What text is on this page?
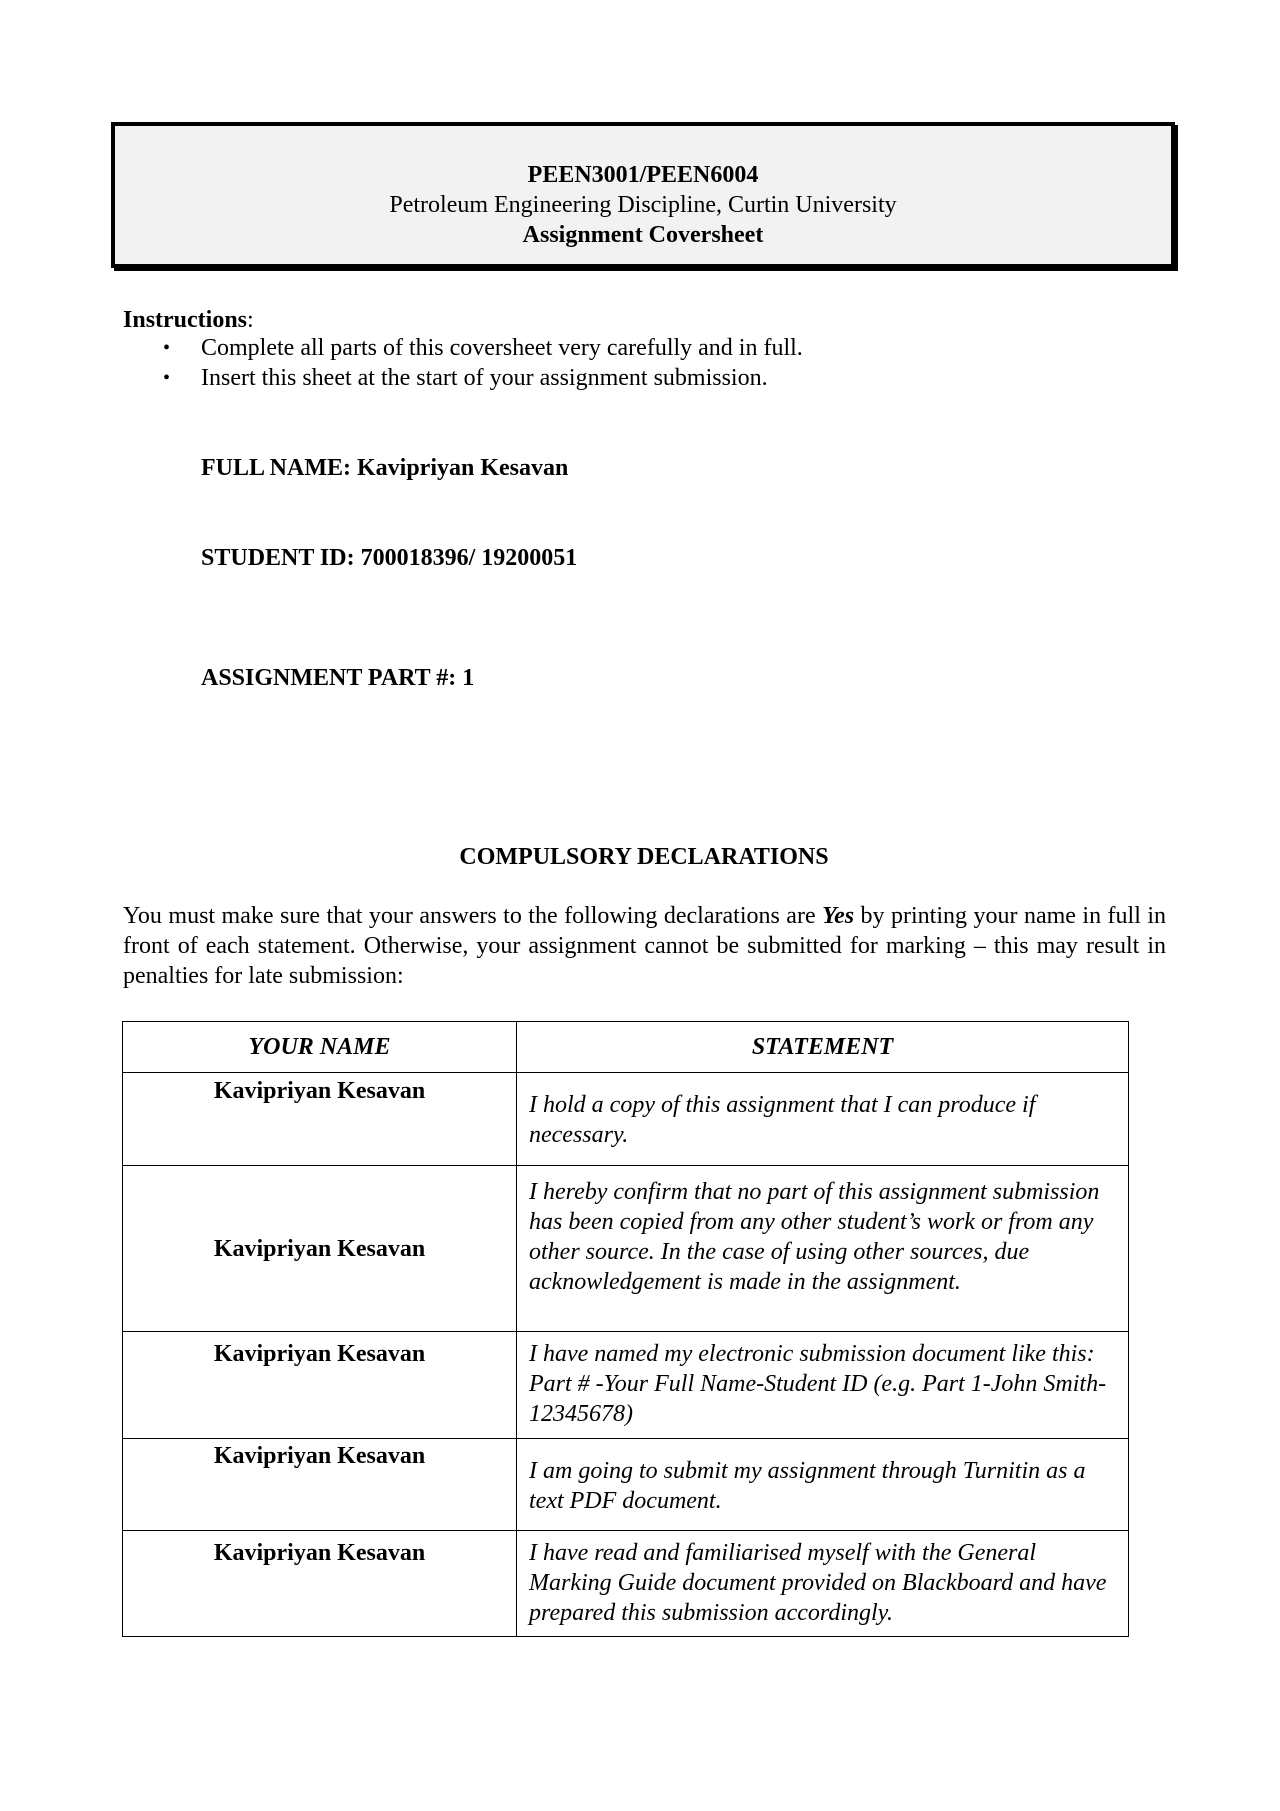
PEEN3001/PEEN6004
Petroleum Engineering Discipline, Curtin University
Assignment Coversheet
Instructions:
• Complete all parts of this coversheet very carefully and in full.
• Insert this sheet at the start of your assignment submission.
FULL NAME: Kavipriyan Kesavan
STUDENT ID: 700018396/ 19200051
ASSIGNMENT PART #: 1
COMPULSORY DECLARATIONS
You must make sure that your answers to the following declarations are Yes by printing your name in full in front of each statement. Otherwise, your assignment cannot be submitted for marking – this may result in penalties for late submission:
YOUR NAME	STATEMENT
Kavipriyan Kesavan	I hold a copy of this assignment that I can produce if necessary.
Kavipriyan Kesavan	I hereby confirm that no part of this assignment submission has been copied from any other student’s work or from any other source. In the case of using other sources, due acknowledgement is made in the assignment.
Kavipriyan Kesavan	I have named my electronic submission document like this: Part # -Your Full Name-Student ID (e.g. Part 1-John Smith-12345678)
Kavipriyan Kesavan	I am going to submit my assignment through Turnitin as a text PDF document.
Kavipriyan Kesavan	I have read and familiarised myself with the General Marking Guide document provided on Blackboard and have prepared this submission accordingly.
